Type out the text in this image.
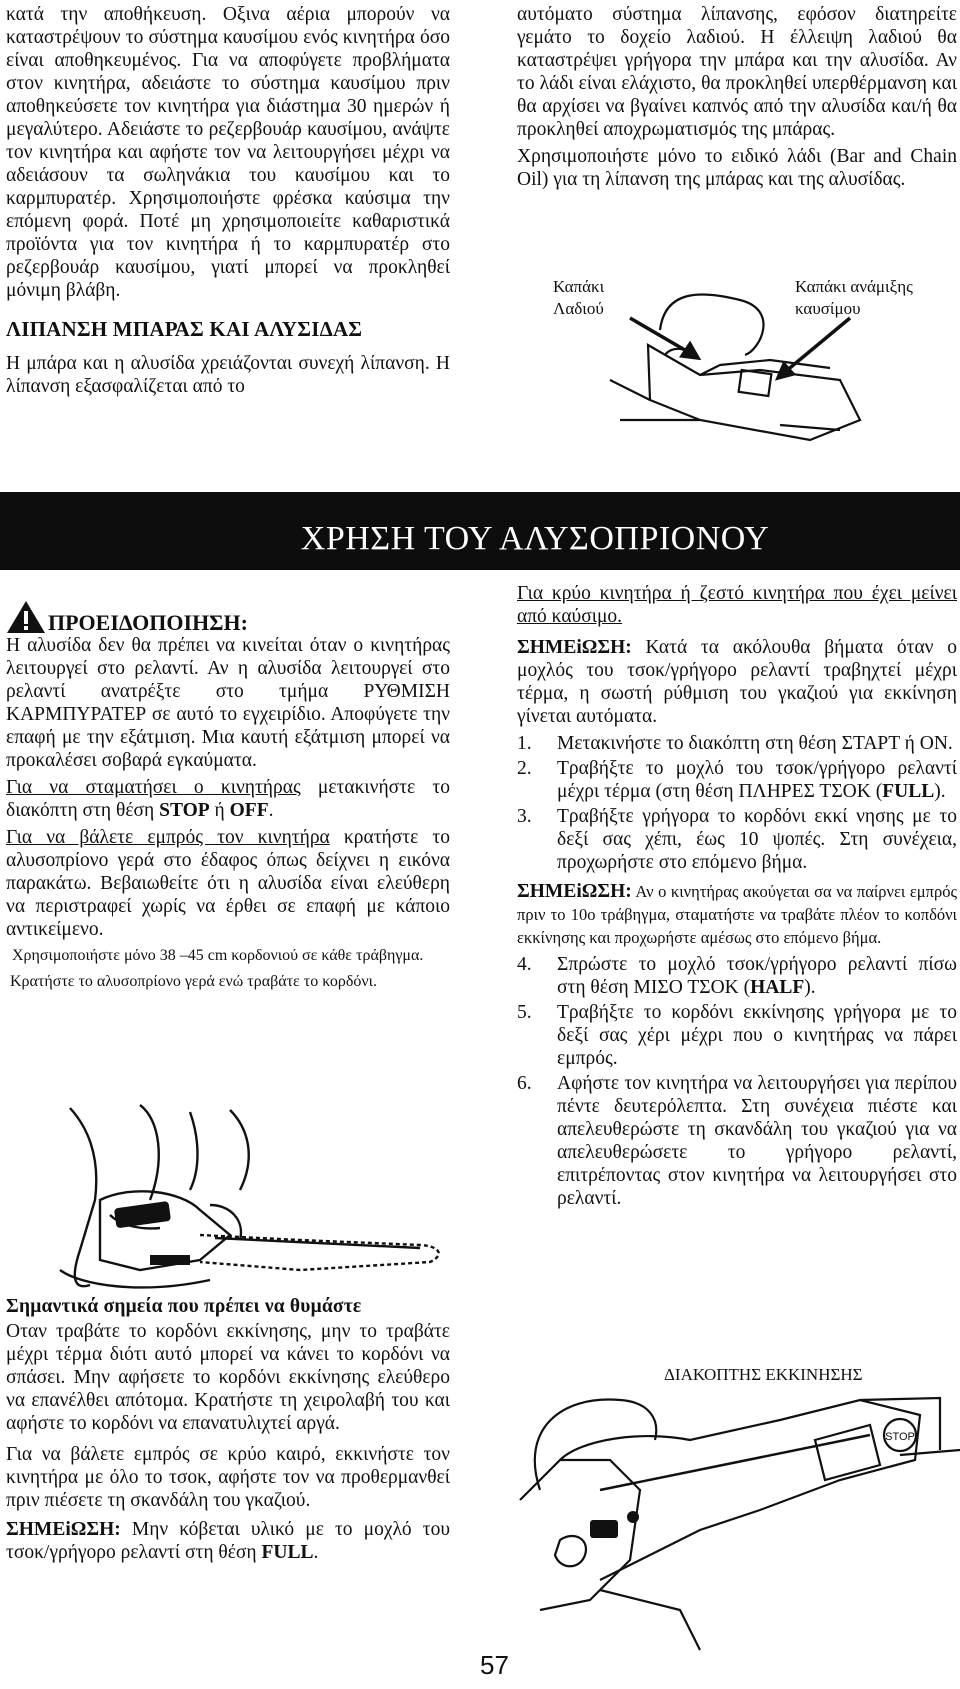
κατά την αποθήκευση. Οξινα αέρια μπορούν να καταστρέψουν το σύστημα καυσίμου ενός κινητήρα όσο είναι αποθηκευμένος. Για να αποφύγετε προβλήματα στον κινητήρα, αδειάστε το σύστημα καυσίμου πριν αποθηκεύσετε τον κινητήρα για διάστημα 30 ημερών ή μεγαλύτερο. Αδειάστε το ρεζερβουάρ καυσίμου, ανάψτε τον κινητήρα και αφήστε τον να λειτουργήσει μέχρι να αδειάσουν τα σωληνάκια του καυσίμου και το καρμπυρατέρ. Χρησιμοποιήστε φρέσκα καύσιμα την επόμενη φορά. Ποτέ μη χρησιμοποιείτε καθαριστικά προϊόντα για τον κινητήρα ή το καρμπυρατέρ στο ρεζερβουάρ καυσίμου, γιατί μπορεί να προκληθεί μόνιμη βλάβη.

ΛΙΠΑΝΣΗ ΜΠΑΡΑΣ ΚΑΙ ΑΛΥΣΙΔΑΣ

Η μπάρα και η αλυσίδα χρειάζονται συνεχή λίπανση. Η λίπανση εξασφαλίζεται από το

αυτόματο σύστημα λίπανσης, εφόσον διατηρείτε γεμάτο το δοχείο λαδιού. Η έλλειψη λαδιού θα καταστρέψει γρήγορα την μπάρα και την αλυσίδα. Αν το λάδι είναι ελάχιστο, θα προκληθεί υπερθέρμανση και θα αρχίσει να βγαίνει καπνός από την αλυσίδα και/ή θα προκληθεί αποχρωματισμός της μπάρας.

Χρησιμοποιήστε μόνο το ειδικό λάδι (Bar and Chain Oil) για τη λίπανση της μπάρας και της αλυσίδας.

Καπάκι Λαδιού
Καπάκι ανάμιξης καυσίμου
ΧΡΗΣΗ ΤΟΥ ΑΛΥΣΟΠΡΙΟΝΟΥ
ΠΡΟΕΙΔΟΠΟΙΗΣΗ:

Η αλυσίδα δεν θα πρέπει να κινείται όταν ο κινητήρας λειτουργεί στο ρελαντί. Αν η αλυσίδα λειτουργεί στο ρελαντί ανατρέξτε στο τμήμα ΡΥΘΜΙΣΗ ΚΑΡΜΠΥΡΑΤΕΡ σε αυτό το εγχειρίδιο. Αποφύγετε την επαφή με την εξάτμιση. Μια καυτή εξάτμιση μπορεί να προκαλέσει σοβαρά εγκαύματα.

Για να σταματήσει ο κινητήρας μετακινήστε το διακόπτη στη θέση STOP ή OFF.

Για να βάλετε εμπρός τον κινητήρα κρατήστε το αλυσοπρίονο γερά στο έδαφος όπως δείχνει η εικόνα παρακάτω. Βεβαιωθείτε ότι η αλυσίδα είναι ελεύθερη να περιστραφεί χωρίς να έρθει σε επαφή με κάποιο αντικείμενο.

Χρησιμοποιήστε μόνο 38 –45 cm κορδονιού σε κάθε τράβηγμα.

Κρατήστε το αλυσοπρίονο γερά ενώ τραβάτε το κορδόνι.

Σημαντικά σημεία που πρέπει να θυμάστε

Οταν τραβάτε το κορδόνι εκκίνησης, μην το τραβάτε μέχρι τέρμα διότι αυτό μπορεί να κάνει το κορδόνι να σπάσει. Μην αφήσετε το κορδόνι εκκίνησης ελεύθερο να επανέλθει απότομα. Κρατήστε τη χειρολαβή του και αφήστε το κορδόνι να επανατυλιχτεί αργά.

Για να βάλετε εμπρός σε κρύο καιρό, εκκινήστε τον κινητήρα με όλο το τσοκ, αφήστε τον να προθερμανθεί πριν πιέσετε τη σκανδάλη του γκαζιού.

ΣΗΜΕiΩΣΗ: Μην κόβεται υλικό με το μοχλό του τσοκ/γρήγορο ρελαντί στη θέση FULL.

Για κρύο κινητήρα ή ζεστό κινητήρα που έχει μείνει από καύσιμο.

ΣΗΜΕiΩΣΗ: Κατά τα ακόλουθα βήματα όταν ο μοχλός του τσοκ/γρήγορο ρελαντί τραβηχτεί μέχρι τέρμα, η σωστή ρύθμιση του γκαζιού για εκκίνηση γίνεται αυτόματα.

1.	Μετακινήστε το διακόπτη στη θέση ΣΤΑΡΤ ή ON.
2.	Τραβήξτε το μοχλό του τσοκ/γρήγορο ρελαντί μέχρι τέρμα (στη θέση ΠΛΗΡΕΣ ΤΣΟΚ (FULL).
3.	Τραβήξτε γρήγορα το κορδόνι εκκί νησης με το δεξί σας χέπι, έως 10 ψοπές. Στη συνέχεια, προχωρήστε στο επόμενο βήμα.

ΣΗΜΕiΩΣΗ: Αν ο κινητήρας ακούγεται σα να παίρνει εμπρός πριν το 10ο τράβηγμα, σταματήστε να τραβάτε πλέον το κοπδόνι εκκίνησης και προχωρήστε αμέσως στο επόμενο βήμα.

4.	Σπρώστε το μοχλό τσοκ/γρήγορο ρελαντί πίσω στη θέση ΜΙΣΟ ΤΣΟΚ (HALF).
5.	Τραβήξτε το κορδόνι εκκίνησης γρήγορα με το δεξί σας χέρι μέχρι που ο κινητήρας να πάρει εμπρός.
6.	Αφήστε τον κινητήρα να λειτουργήσει για περίπου πέντε δευτερόλεπτα. Στη συνέχεια πιέστε και απελευθερώστε τη σκανδάλη του γκαζιού για να απελευθερώσετε το γρήγορο ρελαντί, επιτρέποντας στον κινητήρα να λειτουργήσει στο ρελαντί.
ΔΙΑΚΟΠΤΗΣ ΕΚΚΙΝΗΣΗΣ
STOP
57
